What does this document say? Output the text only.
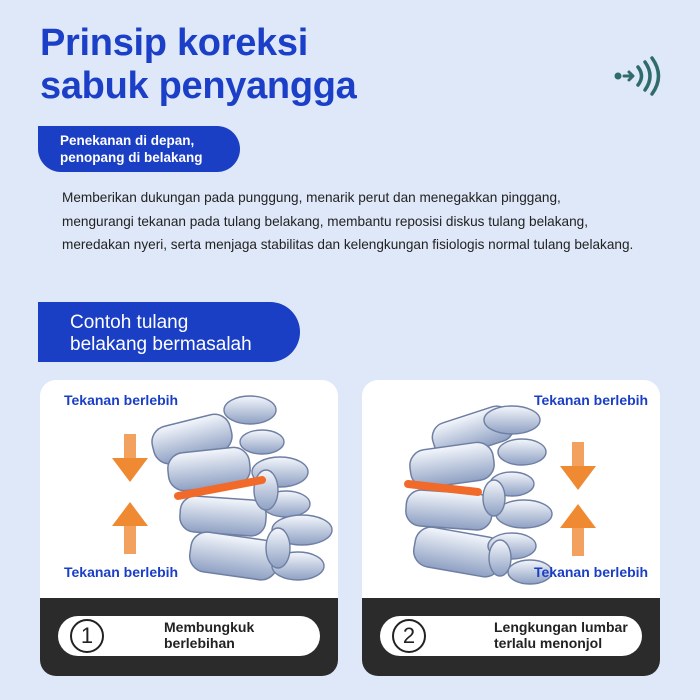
Prinsip koreksi
sabuk penyangga
Penekanan di depan,
penopang di belakang

Memberikan dukungan pada punggung, menarik perut dan menegakkan pinggang,
mengurangi tekanan pada tulang belakang, membantu reposisi diskus tulang belakang,
meredakan nyeri, serta menjaga stabilitas dan kelengkungan fisiologis normal tulang belakang.

Contoh tulang
belakang bermasalah
Tekanan berlebih
Tekanan berlebih
1	Membungkuk
berlebihan
Tekanan berlebih
Tekanan berlebih
2	Lengkungan lumbar
terlalu menonjol
